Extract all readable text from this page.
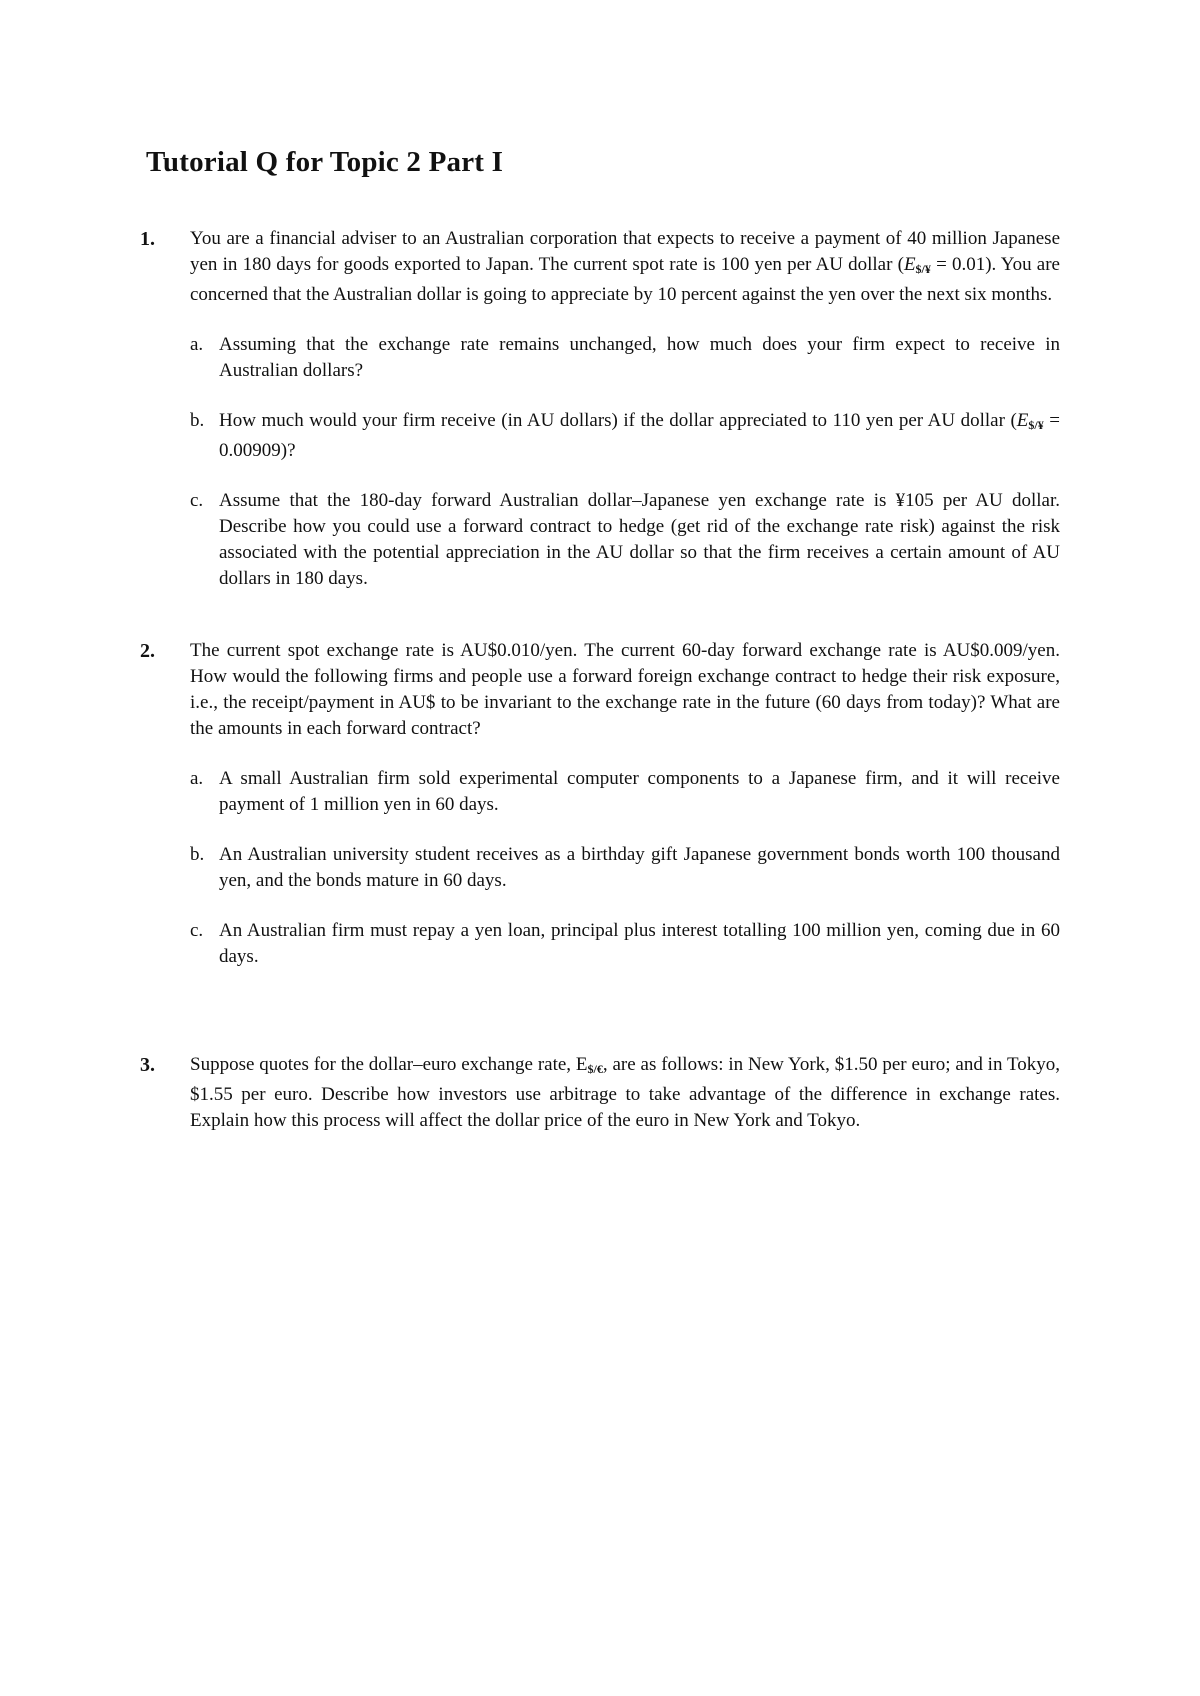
Tutorial Q for Topic 2 Part I
1. You are a financial adviser to an Australian corporation that expects to receive a payment of 40 million Japanese yen in 180 days for goods exported to Japan. The current spot rate is 100 yen per AU dollar $(E_{\$/¥} = 0.01)$. You are concerned that the Australian dollar is going to appreciate by 10 percent against the yen over the next six months.

a. Assuming that the exchange rate remains unchanged, how much does your firm expect to receive in Australian dollars?
b. How much would your firm receive (in AU dollars) if the dollar appreciated to 110 yen per AU dollar $(E_{\$/¥} = 0.00909)$?
c. Assume that the 180-day forward Australian dollar–Japanese yen exchange rate is ¥105 per AU dollar. Describe how you could use a forward contract to hedge (get rid of the exchange rate risk) against the risk associated with the potential appreciation in the AU dollar so that the firm receives a certain amount of AU dollars in 180 days.
2. The current spot exchange rate is AU$0.010/yen. The current 60-day forward exchange rate is AU$0.009/yen. How would the following firms and people use a forward foreign exchange contract to hedge their risk exposure, i.e., the receipt/payment in AU$ to be invariant to the exchange rate in the future (60 days from today)? What are the amounts in each forward contract?

a. A small Australian firm sold experimental computer components to a Japanese firm, and it will receive payment of 1 million yen in 60 days.
b. An Australian university student receives as a birthday gift Japanese government bonds worth 100 thousand yen, and the bonds mature in 60 days.
c. An Australian firm must repay a yen loan, principal plus interest totalling 100 million yen, coming due in 60 days.
3. Suppose quotes for the dollar–euro exchange rate, $E_{\$/€}$, are as follows: in New York, $1.50 per euro; and in Tokyo, $1.55 per euro. Describe how investors use arbitrage to take advantage of the difference in exchange rates. Explain how this process will affect the dollar price of the euro in New York and Tokyo.
